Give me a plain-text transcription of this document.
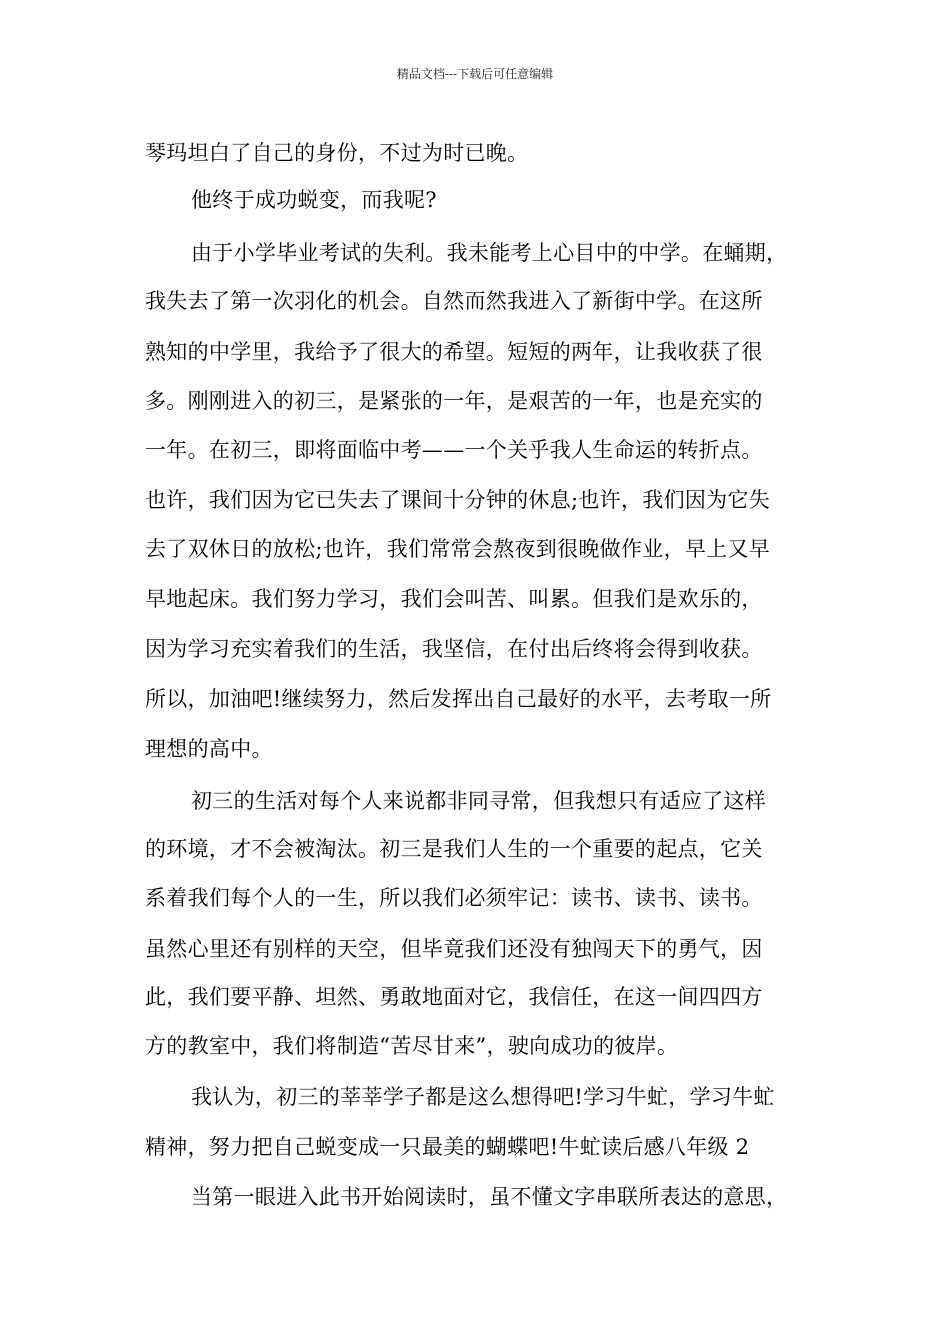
精品文档---下载后可任意编辑
琴玛坦白了自己的身份，不过为时已晚。
他终于成功蜕变，而我呢?
由于小学毕业考试的失利。我未能考上心目中的中学。在蛹期，
我失去了第一次羽化的机会。自然而然我进入了新街中学。在这所
熟知的中学里，我给予了很大的希望。短短的两年，让我收获了很
多。刚刚进入的初三，是紧张的一年，是艰苦的一年，也是充实的
一年。在初三，即将面临中考——一个关乎我人生命运的转折点。
也许，我们因为它已失去了课间十分钟的休息;也许，我们因为它失
去了双休日的放松;也许，我们常常会熬夜到很晚做作业，早上又早
早地起床。我们努力学习，我们会叫苦、叫累。但我们是欢乐的，
因为学习充实着我们的生活，我坚信，在付出后终将会得到收获。
所以，加油吧!继续努力，然后发挥出自己最好的水平，去考取一所
理想的高中。
初三的生活对每个人来说都非同寻常，但我想只有适应了这样
的环境，才不会被淘汰。初三是我们人生的一个重要的起点，它关
系着我们每个人的一生，所以我们必须牢记：读书、读书、读书。
虽然心里还有别样的天空，但毕竟我们还没有独闯天下的勇气，因
此，我们要平静、坦然、勇敢地面对它，我信任，在这一间四四方
方的教室中，我们将制造“苦尽甘来”，驶向成功的彼岸。
我认为，初三的莘莘学子都是这么想得吧!学习牛虻，学习牛虻
精神，努力把自己蜕变成一只最美的蝴蝶吧!牛虻读后感八年级 2
当第一眼进入此书开始阅读时，虽不懂文字串联所表达的意思，
